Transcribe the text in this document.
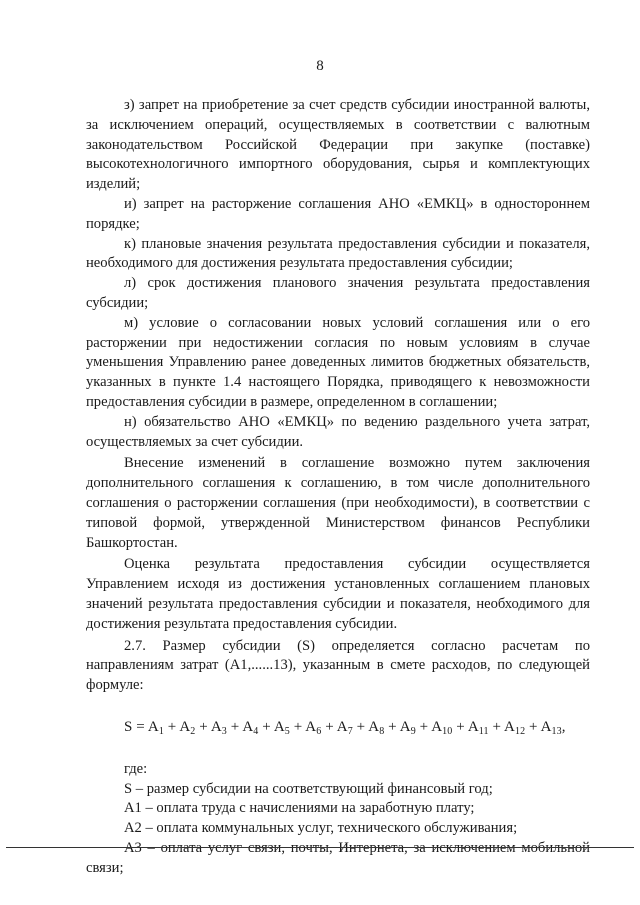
8

з) запрет на приобретение за счет средств субсидии иностранной валюты, за исключением операций, осуществляемых в соответствии с валютным законодательством Российской Федерации при закупке (поставке) высокотехнологичного импортного оборудования, сырья и комплектующих изделий;

и) запрет на расторжение соглашения АНО «ЕМКЦ» в одностороннем порядке;

к) плановые значения результата предоставления субсидии и показателя, необходимого для достижения результата предоставления субсидии;

л) срок достижения планового значения результата предоставления субсидии;

м) условие о согласовании новых условий соглашения или о его расторжении при недостижении согласия по новым условиям в случае уменьшения Управлению ранее доведенных лимитов бюджетных обязательств, указанных в пункте 1.4 настоящего Порядка, приводящего к невозможности предоставления субсидии в размере, определенном в соглашении;

н) обязательство АНО «ЕМКЦ» по ведению раздельного учета затрат, осуществляемых за счет субсидии.

Внесение изменений в соглашение возможно путем заключения дополнительного соглашения к соглашению, в том числе дополнительного соглашения о расторжении соглашения (при необходимости), в соответствии с типовой формой, утвержденной Министерством финансов Республики Башкортостан.

Оценка результата предоставления субсидии осуществляется Управлением исходя из достижения установленных соглашением плановых значений результата предоставления субсидии и показателя, необходимого для достижения результата предоставления субсидии.

2.7. Размер субсидии (S) определяется согласно расчетам по направлениям затрат (A1,......13), указанным в смете расходов, по следующей формуле:

$S = A_1 + A_2 + A_3 + A_4 + A_5 + A_6 + A_7 + A_8 + A_9 + A_{10} + A_{11} + A_{12} + A_{13}$,

где:

S – размер субсидии на соответствующий финансовый год;

A1 – оплата труда с начислениями на заработную плату;

A2 – оплата коммунальных услуг, технического обслуживания;

A3 – оплата услуг связи, почты, Интернета, за исключением мобильной связи;
